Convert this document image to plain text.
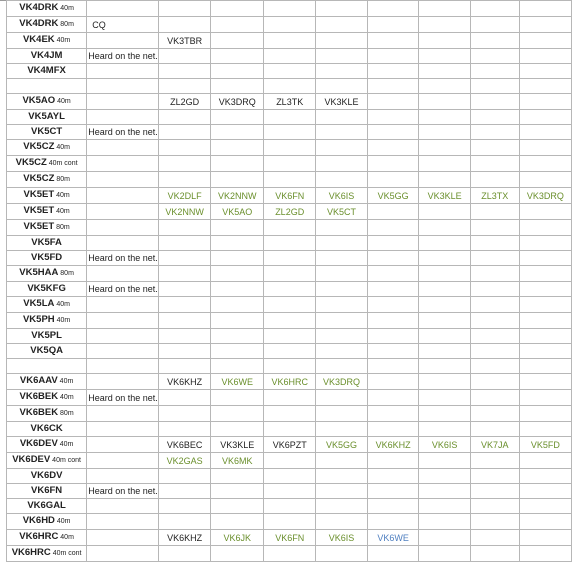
VK4DRK 40m									
VK4DRK 80m	CQ								
VK4EK 40m		VK3TBR							
VK4JM	Heard on the net.								
VK4MFX									

VK5AO 40m		ZL2GD	VK3DRQ	ZL3TK	VK3KLE				
VK5AYL									
VK5CT	Heard on the net.								
VK5CZ 40m									
VK5CZ 40m cont									
VK5CZ 80m									
VK5ET 40m		VK2DLF	VK2NNW	VK6FN	VK6IS	VK5GG	VK3KLE	ZL3TX	VK3DRQ
VK5ET 40m		VK2NNW	VK5AO	ZL2GD	VK5CT				
VK5ET 80m									
VK5FA									
VK5FD	Heard on the net.								
VK5HAA 80m									
VK5KFG	Heard on the net.								
VK5LA 40m									
VK5PH 40m									
VK5PL									
VK5QA									

VK6AAV 40m		VK6KHZ	VK6WE	VK6HRC	VK3DRQ				
VK6BEK 40m	Heard on the net.								
VK6BEK 80m									
VK6CK									
VK6DEV 40m		VK6BEC	VK3KLE	VK6PZT	VK5GG	VK6KHZ	VK6IS	VK7JA	VK5FD
VK6DEV 40m cont		VK2GAS	VK6MK						
VK6DV									
VK6FN	Heard on the net.								
VK6GAL									
VK6HD 40m									
VK6HRC 40m		VK6KHZ	VK6JK	VK6FN	VK6IS	VK6WE			
VK6HRC 40m cont									
